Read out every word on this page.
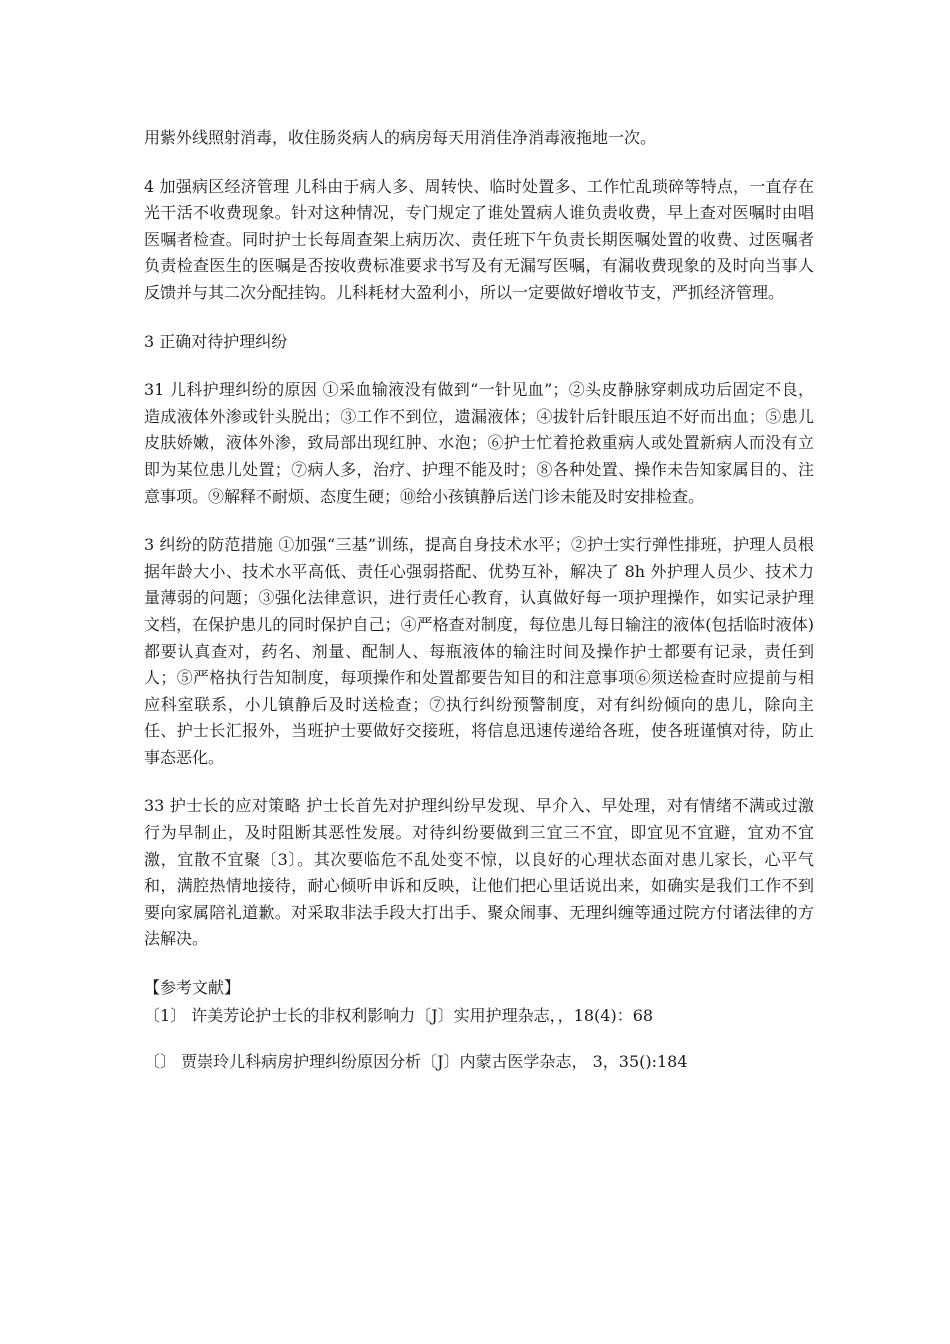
用紫外线照射消毒，收住肠炎病人的病房每天用消佳净消毒液拖地一次。

4 加强病区经济管理 儿科由于病人多、周转快、临时处置多、工作忙乱琐碎等特点，一直存在光干活不收费现象。针对这种情况，专门规定了谁处置病人谁负责收费，早上查对医嘱时由唱医嘱者检查。同时护士长每周查架上病历次、责任班下午负责长期医嘱处置的收费、过医嘱者负责检查医生的医嘱是否按收费标准要求书写及有无漏写医嘱，有漏收费现象的及时向当事人反馈并与其二次分配挂钩。儿科耗材大盈利小，所以一定要做好增收节支，严抓经济管理。

3 正确对待护理纠纷

31 儿科护理纠纷的原因 ①采血输液没有做到“一针见血”；②头皮静脉穿刺成功后固定不良，造成液体外渗或针头脱出；③工作不到位，遗漏液体；④拔针后针眼压迫不好而出血；⑤患儿皮肤娇嫩，液体外渗，致局部出现红肿、水泡；⑥护士忙着抢救重病人或处置新病人而没有立即为某位患儿处置；⑦病人多，治疗、护理不能及时；⑧各种处置、操作未告知家属目的、注意事项。⑨解释不耐烦、态度生硬；⑩给小孩镇静后送门诊未能及时安排检查。

3 纠纷的防范措施 ①加强“三基”训练，提高自身技术水平；②护士实行弹性排班，护理人员根据年龄大小、技术水平高低、责任心强弱搭配、优势互补，解决了 8h 外护理人员少、技术力量薄弱的问题；③强化法律意识，进行责任心教育，认真做好每一项护理操作，如实记录护理文档，在保护患儿的同时保护自己；④严格查对制度，每位患儿每日输注的液体(包括临时液体)都要认真查对，药名、剂量、配制人、每瓶液体的输注时间及操作护士都要有记录，责任到人；⑤严格执行告知制度，每项操作和处置都要告知目的和注意事项⑥须送检查时应提前与相应科室联系，小儿镇静后及时送检查；⑦执行纠纷预警制度，对有纠纷倾向的患儿，除向主任、护士长汇报外，当班护士要做好交接班，将信息迅速传递给各班，使各班谨慎对待，防止事态恶化。

33 护士长的应对策略 护士长首先对护理纠纷早发现、早介入、早处理，对有情绪不满或过激行为早制止，及时阻断其恶性发展。对待纠纷要做到三宜三不宜，即宜见不宜避，宜劝不宜激，宜散不宜聚〔3〕。其次要临危不乱处变不惊，以良好的心理状态面对患儿家长，心平气和，满腔热情地接待，耐心倾听申诉和反映，让他们把心里话说出来，如确实是我们工作不到要向家属陪礼道歉。对采取非法手段大打出手、聚众闹事、无理纠缠等通过院方付诸法律的方法解决。

【参考文献】

〔1〕 许美芳论护士长的非权利影响力〔J〕实用护理杂志，，18(4)：68

〔〕 贾崇玲儿科病房护理纠纷原因分析〔J〕内蒙古医学杂志， 3，35():184
